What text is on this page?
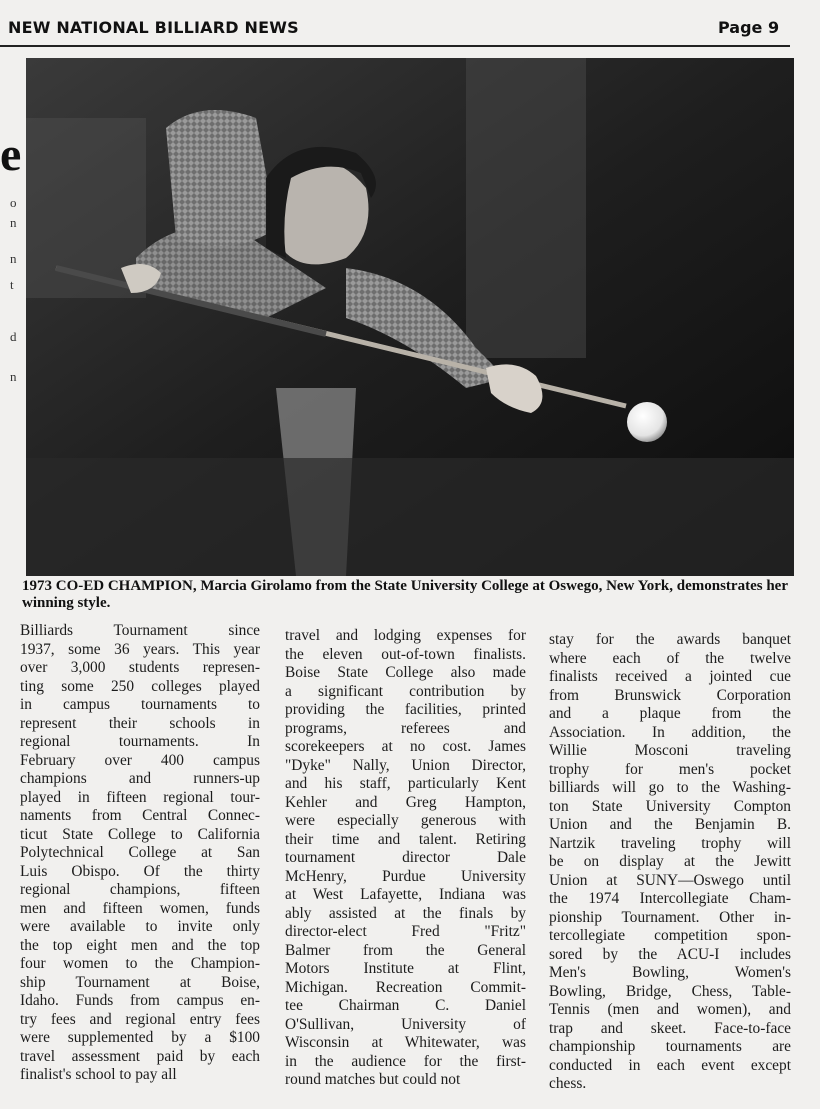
NEW NATIONAL BILLIARD NEWS	Page 9
e
o
n
n
t
d
n
1973 CO-ED CHAMPION, Marcia Girolamo from the State University College at Oswego, New York, demonstrates her winning style.
Billiards Tournament since
1937, some 36 years. This year
over 3,000 students represen-
ting some 250 colleges played
in campus tournaments to
represent their schools in
regional tournaments. In
February over 400 campus
champions and runners-up
played in fifteen regional tour-
naments from Central Connec-
ticut State College to California
Polytechnical College at San
Luis Obispo. Of the thirty
regional champions, fifteen
men and fifteen women, funds
were available to invite only
the top eight men and the top
four women to the Champion-
ship Tournament at Boise,
Idaho. Funds from campus en-
try fees and regional entry fees
were supplemented by a $100
travel assessment paid by each
finalist's school to pay all
travel and lodging expenses for
the eleven out-of-town finalists.
Boise State College also made
a significant contribution by
providing the facilities, printed
programs, referees and
scorekeepers at no cost. James
"Dyke" Nally, Union Director,
and his staff, particularly Kent
Kehler and Greg Hampton,
were especially generous with
their time and talent. Retiring
tournament director Dale
McHenry, Purdue University
at West Lafayette, Indiana was
ably assisted at the finals by
director-elect Fred "Fritz"
Balmer from the General
Motors Institute at Flint,
Michigan. Recreation Commit-
tee Chairman C. Daniel
O'Sullivan, University of
Wisconsin at Whitewater, was
in the audience for the first-
round matches but could not
stay for the awards banquet
where each of the twelve
finalists received a jointed cue
from Brunswick Corporation
and a plaque from the
Association. In addition, the
Willie Mosconi traveling
trophy for men's pocket
billiards will go to the Washing-
ton State University Compton
Union and the Benjamin B.
Nartzik traveling trophy will
be on display at the Jewitt
Union at SUNY—Oswego until
the 1974 Intercollegiate Cham-
pionship Tournament. Other in-
tercollegiate competition spon-
sored by the ACU-I includes
Men's Bowling, Women's
Bowling, Bridge, Chess, Table-
Tennis (men and women), and
trap and skeet. Face-to-face
championship tournaments are
conducted in each event except
chess.
